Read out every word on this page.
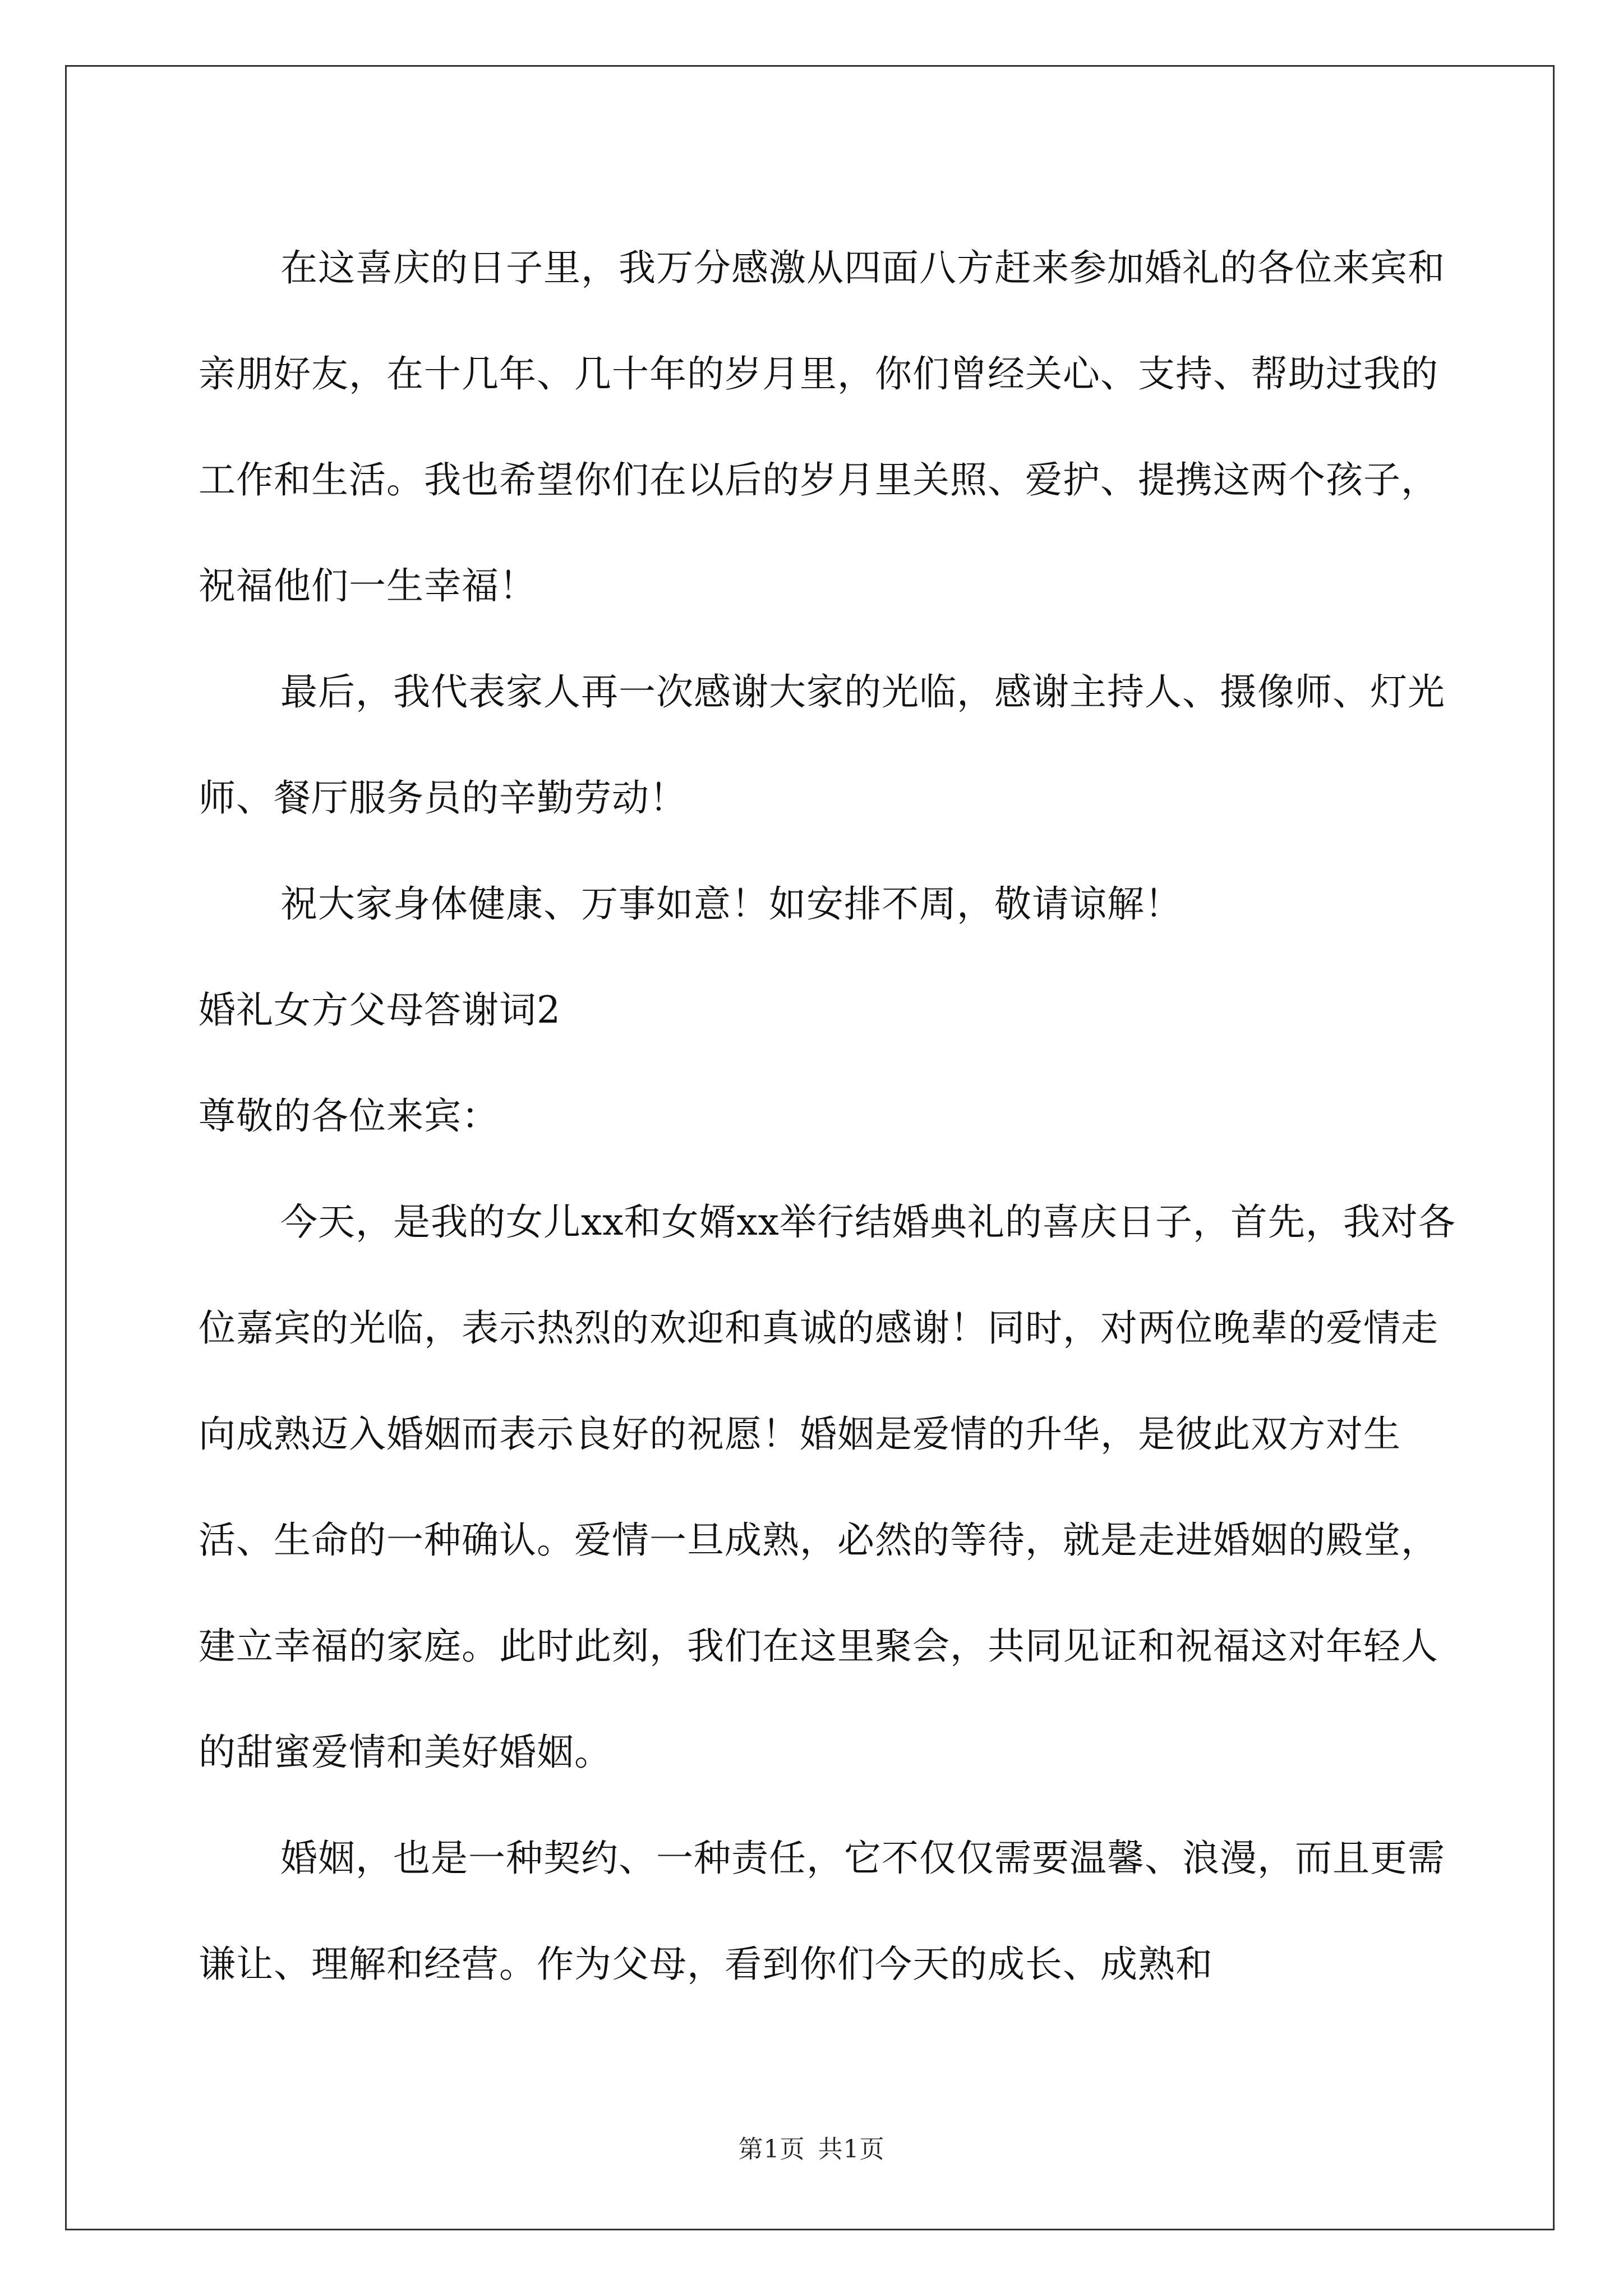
在这喜庆的日子里，我万分感激从四面八方赶来参加婚礼的各位来宾和亲朋好友，在十几年、几十年的岁月里，你们曾经关心、支持、帮助过我的工作和生活。我也希望你们在以后的岁月里关照、爱护、提携这两个孩子，祝福他们一生幸福！

最后，我代表家人再一次感谢大家的光临，感谢主持人、摄像师、灯光师、餐厅服务员的辛勤劳动！

祝大家身体健康、万事如意！如安排不周，敬请谅解！

婚礼女方父母答谢词2

尊敬的各位来宾：

今天，是我的女儿xx和女婿xx举行结婚典礼的喜庆日子，首先，我对各位嘉宾的光临，表示热烈的欢迎和真诚的感谢！同时，对两位晚辈的爱情走向成熟迈入婚姻而表示良好的祝愿！婚姻是爱情的升华，是彼此双方对生活、生命的一种确认。爱情一旦成熟，必然的等待，就是走进婚姻的殿堂，建立幸福的家庭。此时此刻，我们在这里聚会，共同见证和祝福这对年轻人的甜蜜爱情和美好婚姻。

婚姻，也是一种契约、一种责任，它不仅仅需要温馨、浪漫，而且更需谦让、理解和经营。作为父母，看到你们今天的成长、成熟和

第1页 共1页
